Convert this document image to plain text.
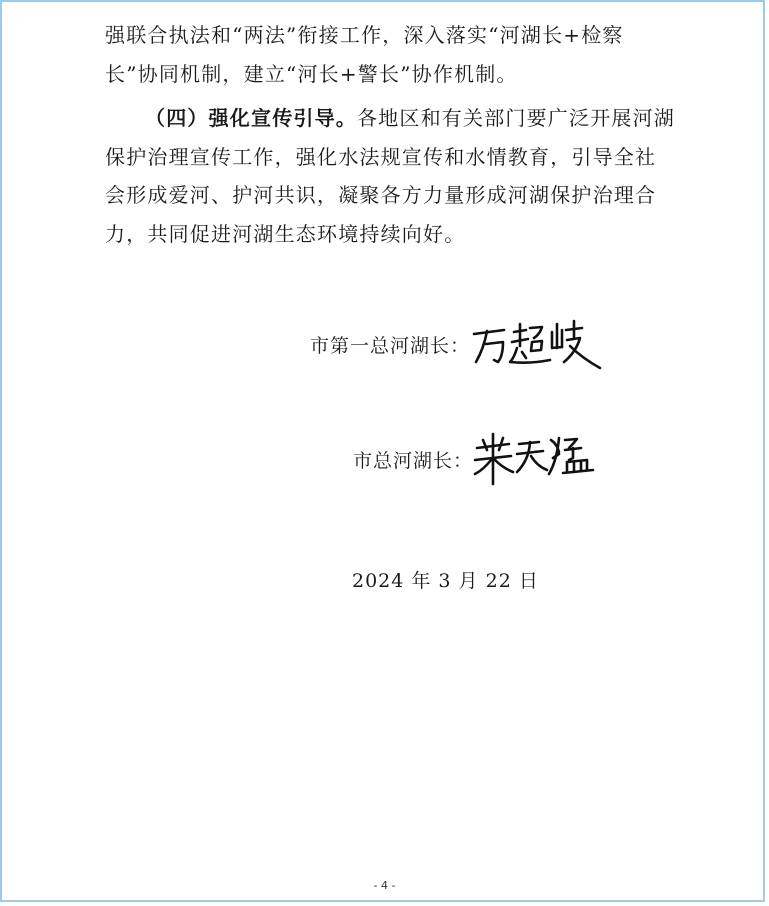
强联合执法和“两法”衔接工作，深入落实“河湖长+检察长”协同机制，建立“河长+警长”协作机制。

（四）强化宣传引导。各地区和有关部门要广泛开展河湖保护治理宣传工作，强化水法规宣传和水情教育，引导全社会形成爱河、护河共识，凝聚各方力量形成河湖保护治理合力，共同促进河湖生态环境持续向好。

市第一总河湖长：
市总河湖长：
2024 年 3 月 22 日
- 4 -
